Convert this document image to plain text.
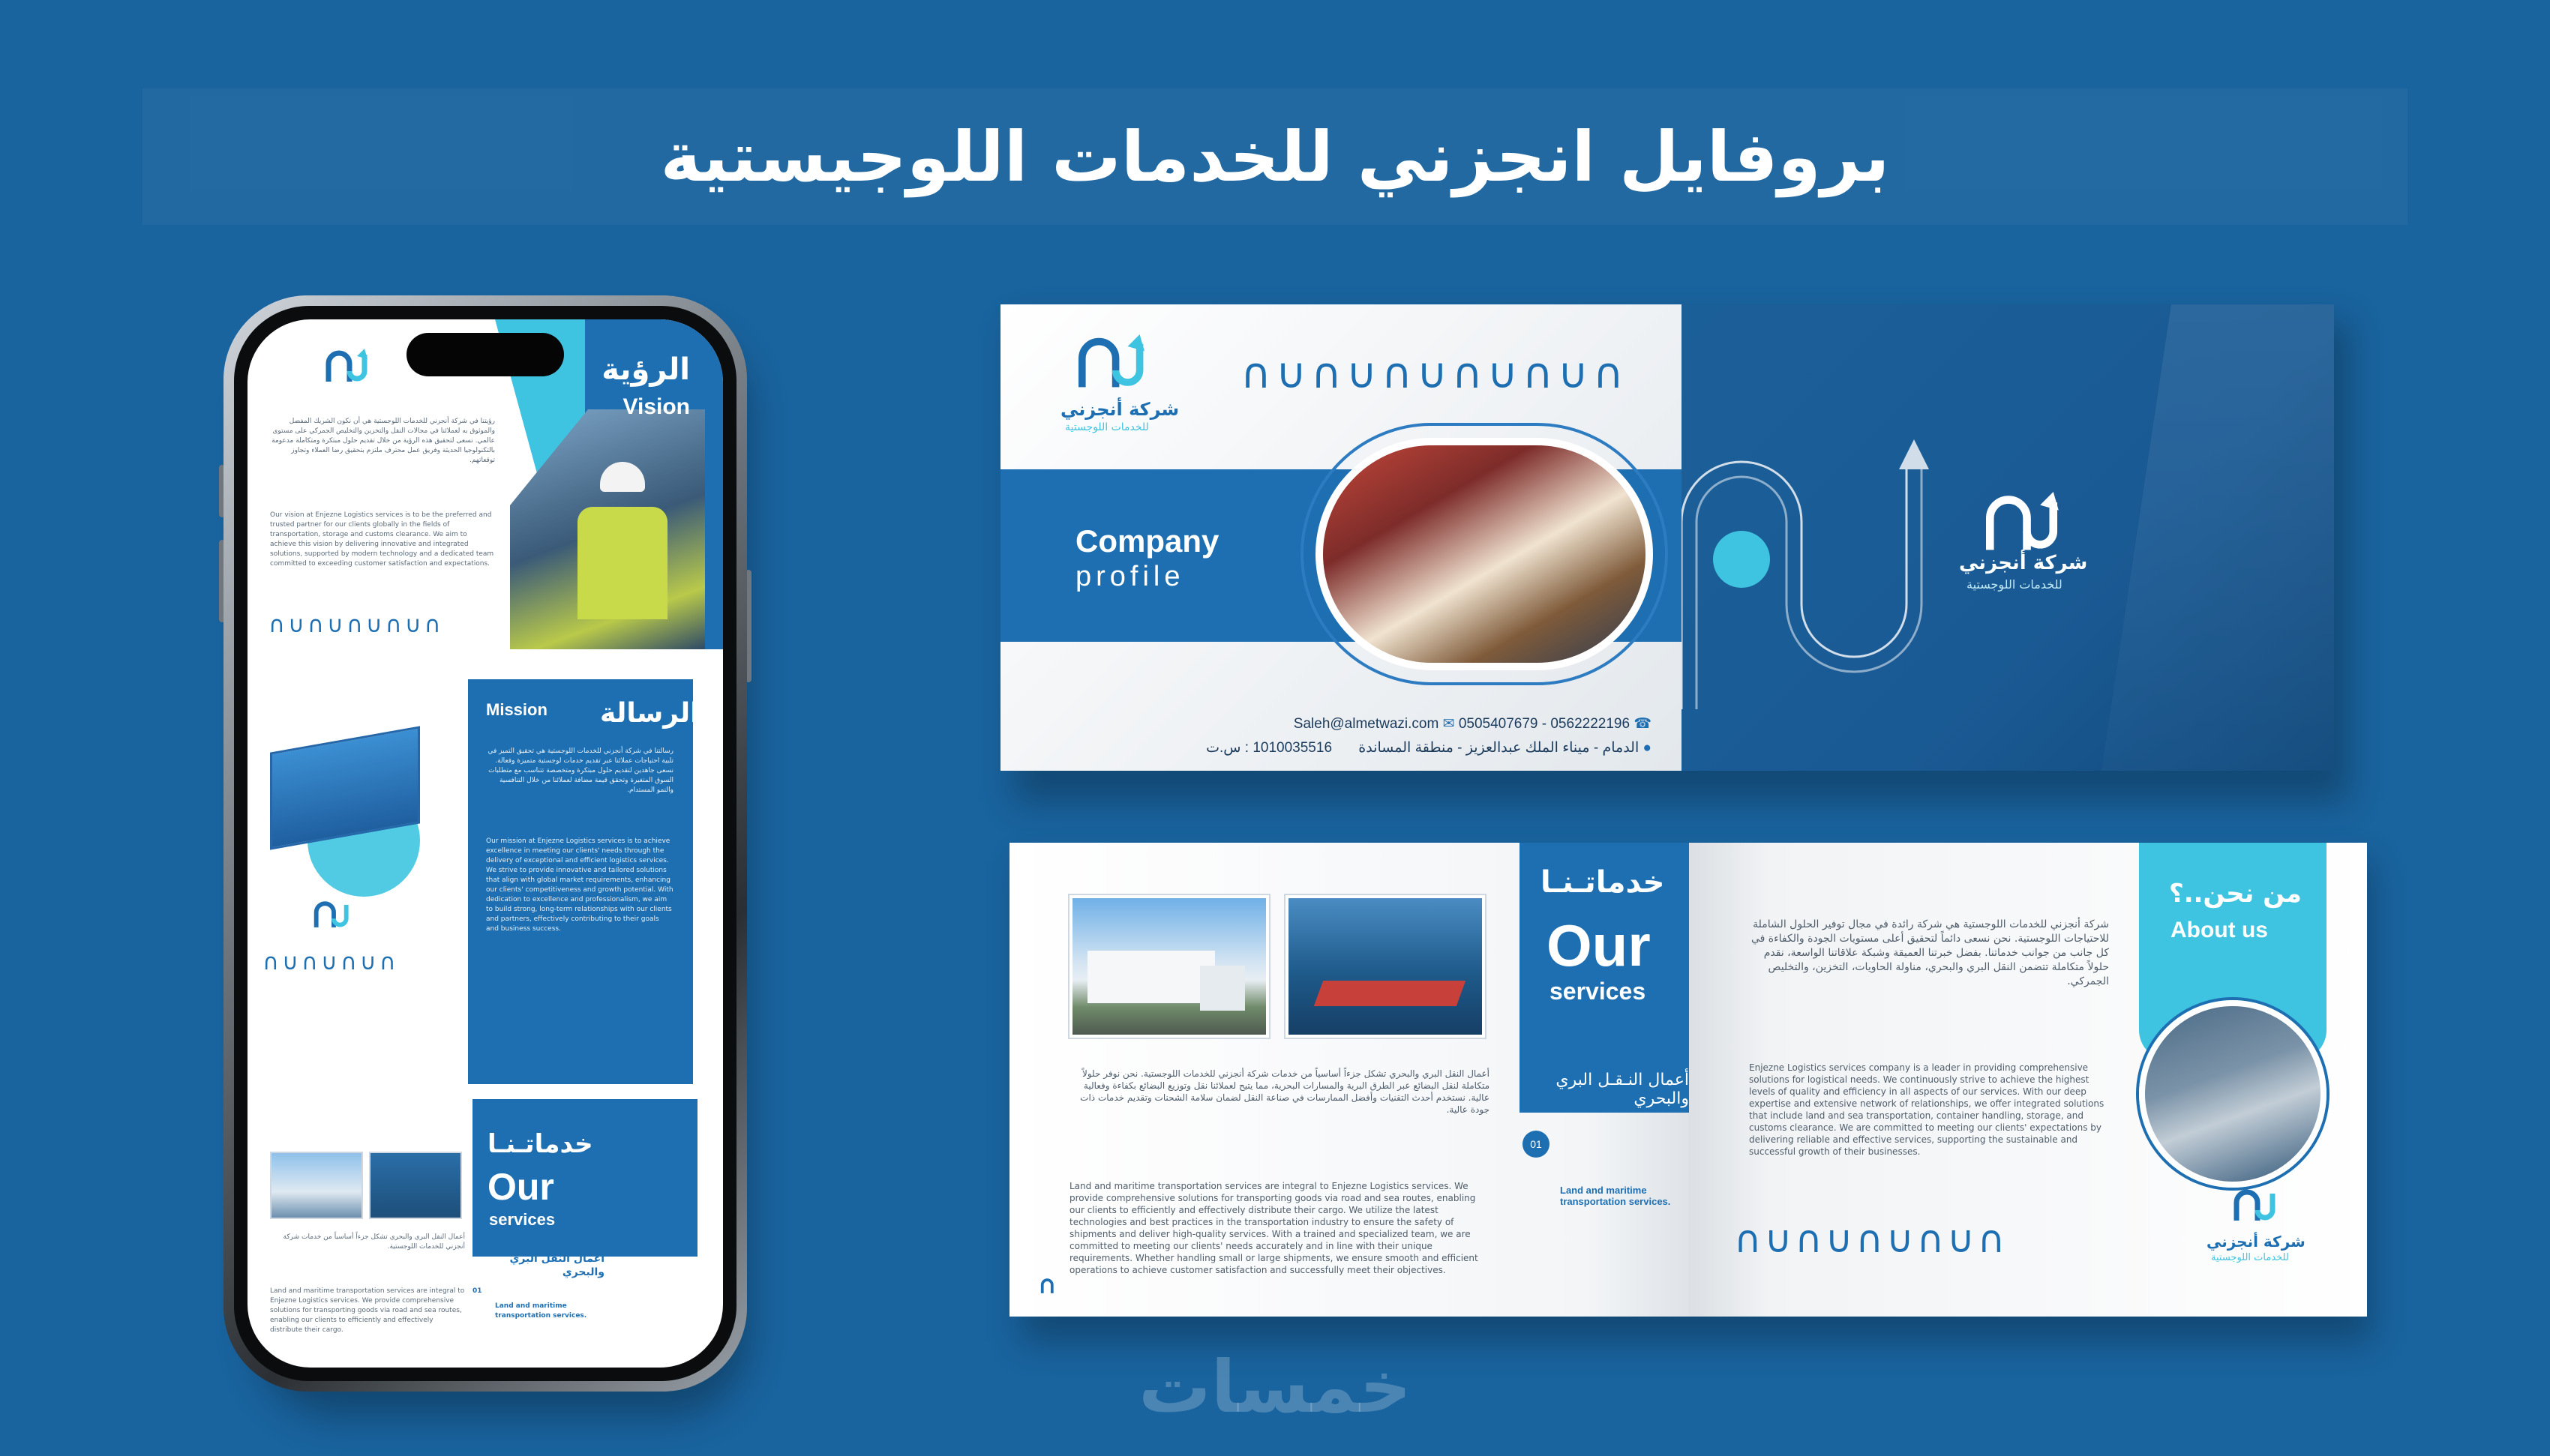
بروفايل انجزني للخدمات اللوجيستية
الرؤية
Vision
رؤيتنا في شركة أنجزني للخدمات اللوجستية هي أن نكون الشريك المفضل والموثوق به لعملائنا في مجالات النقل والتخزين والتخليص الجمركي على مستوى عالمي. نسعى لتحقيق هذه الرؤية من خلال تقديم حلول مبتكرة ومتكاملة مدعومة بالتكنولوجيا الحديثة وفريق عمل محترف ملتزم بتحقيق رضا العملاء وتجاوز توقعاتهم.
Our vision at Enjezne Logistics services is to be the preferred and trusted partner for our clients globally in the fields of transportation, storage and customs clearance. We aim to achieve this vision by delivering innovative and integrated solutions, supported by modern technology and a dedicated team committed to exceeding customer satisfaction and expectations.
∩∪∩∪∩∪∩∪∩
الرسالة
Mission
رسالتنا في شركة أنجزني للخدمات اللوجستية هي تحقيق التميز في تلبية احتياجات عملائنا عبر تقديم خدمات لوجستية متميزة وفعالة. نسعى جاهدين لتقديم حلول مبتكرة ومتخصصة تتناسب مع متطلبات السوق المتغيرة وتحقق قيمة مضافة لعملائنا من خلال التنافسية والنمو المستدام.
Our mission at Enjezne Logistics services is to achieve excellence in meeting our clients' needs through the delivery of exceptional and efficient logistics services. We strive to provide innovative and tailored solutions that align with global market requirements, enhancing our clients' competitiveness and growth potential. With dedication to excellence and professionalism, we aim to build strong, long-term relationships with our clients and partners, effectively contributing to their goals and business success.
∩∪∩∪∩∪∩
خدماتـنـا
Our
services
أعمال النقل البري والبحري
01
Land and maritime transportation services.
أعمال النقل البري والبحري تشكل جزءاً أساسياً من خدمات شركة أنجزني للخدمات اللوجستية.
Land and maritime transportation services are integral to Enjezne Logistics services. We provide comprehensive solutions for transporting goods via road and sea routes, enabling our clients to efficiently and effectively distribute their cargo.
Company
profile
شركة أنجزني
للخدمات اللوجستية
∩∪∩∪∩∪∩∪∩∪∩
Saleh@almetwazi.com ✉ 0505407679 - 0562222196 ☎
● الدمام - ميناء الملك عبدالعزيز - منطقة المساندة 1010035516 : س.ت
شركة أنجزني
للخدمات اللوجستية
خدماتـنـا
Our
services
أعمال النـقـل البري والبحري
01
Land and maritime transportation services.
أعمال النقل البري والبحري تشكل جزءاً أساسياً من خدمات شركة أنجزني للخدمات اللوجستية. نحن نوفر حلولاً متكاملة لنقل البضائع عبر الطرق البرية والمسارات البحرية، مما يتيح لعملائنا نقل وتوزيع البضائع بكفاءة وفعالية عالية. نستخدم أحدث التقنيات وأفضل الممارسات في صناعة النقل لضمان سلامة الشحنات وتقديم خدمات ذات جودة عالية.
Land and maritime transportation services are integral to Enjezne Logistics services. We provide comprehensive solutions for transporting goods via road and sea routes, enabling our clients to efficiently and effectively distribute their cargo. We utilize the latest technologies and best practices in the transportation industry to ensure the safety of shipments and deliver high-quality services. With a trained and specialized team, we are committed to meeting our clients' needs accurately and in line with their unique requirements. Whether handling small or large shipments, we ensure smooth and efficient operations to achieve customer satisfaction and successfully meet their objectives.
من نحن..؟
About us
شركة أنجزني للخدمات اللوجستية هي شركة رائدة في مجال توفير الحلول الشاملة للاحتياجات اللوجستية. نحن نسعى دائماً لتحقيق أعلى مستويات الجودة والكفاءة في كل جانب من جوانب خدماتنا. بفضل خبرتنا العميقة وشبكة علاقاتنا الواسعة، نقدم حلولاً متكاملة تتضمن النقل البري والبحري، مناولة الحاويات، التخزين، والتخليص الجمركي.
Enjezne Logistics services company is a leader in providing comprehensive solutions for logistical needs. We continuously strive to achieve the highest levels of quality and efficiency in all aspects of our services. With our deep expertise and extensive network of relationships, we offer integrated solutions that include land and sea transportation, container handling, storage, and customs clearance. We are committed to meeting our clients' expectations by delivering reliable and effective services, supporting the sustainable and successful growth of their businesses.
∩∪∩∪∩∪∩∪∩	شركة أنجزني
للخدمات اللوجستية
خمسات
